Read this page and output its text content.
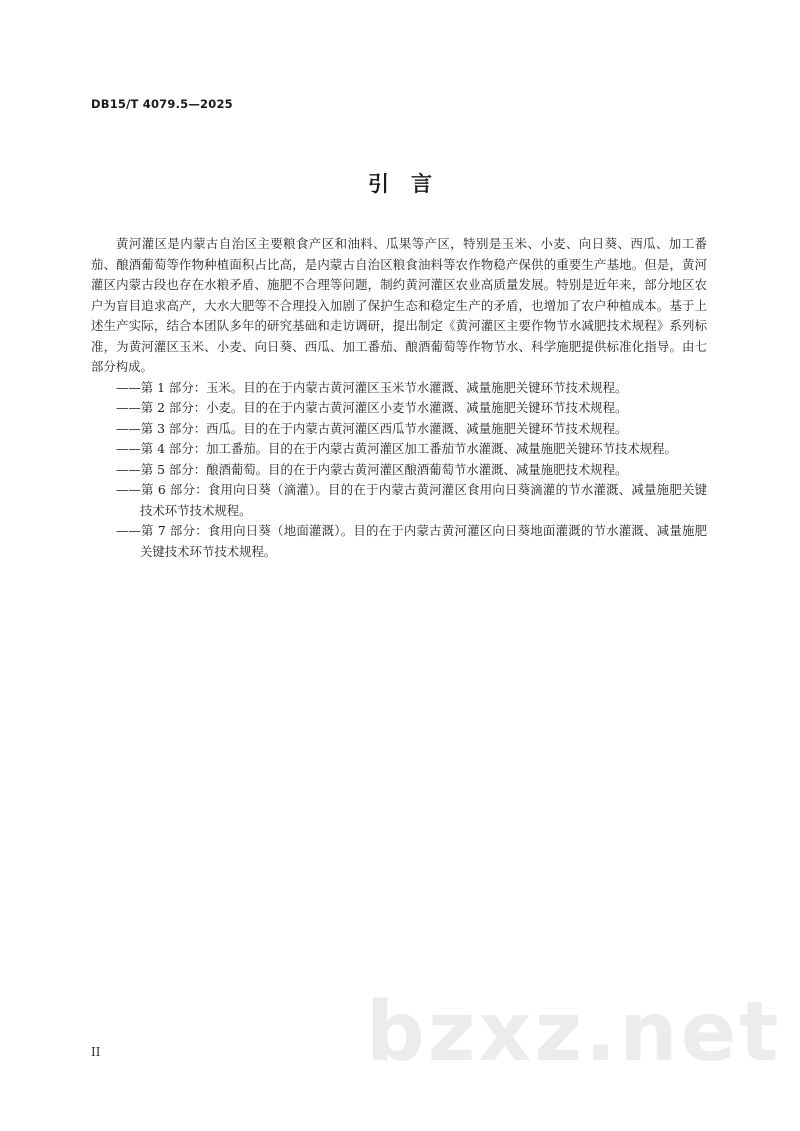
DB15/T 4079.5—2025
引言

黄河灌区是内蒙古自治区主要粮食产区和油料、瓜果等产区，特别是玉米、小麦、向日葵、西瓜、加工番茄、酿酒葡萄等作物种植面积占比高，是内蒙古自治区粮食油料等农作物稳产保供的重要生产基地。但是，黄河灌区内蒙古段也存在水粮矛盾、施肥不合理等问题，制约黄河灌区农业高质量发展。特别是近年来，部分地区农户为盲目追求高产，大水大肥等不合理投入加剧了保护生态和稳定生产的矛盾，也增加了农户种植成本。基于上述生产实际，结合本团队多年的研究基础和走访调研，提出制定《黄河灌区主要作物节水减肥技术规程》系列标准，为黄河灌区玉米、小麦、向日葵、西瓜、加工番茄、酿酒葡萄等作物节水、科学施肥提供标准化指导。由七部分构成。

——第 1 部分：玉米。目的在于内蒙古黄河灌区玉米节水灌溉、减量施肥关键环节技术规程。
——第 2 部分：小麦。目的在于内蒙古黄河灌区小麦节水灌溉、减量施肥关键环节技术规程。
——第 3 部分：西瓜。目的在于内蒙古黄河灌区西瓜节水灌溉、减量施肥关键环节技术规程。
——第 4 部分：加工番茄。目的在于内蒙古黄河灌区加工番茄节水灌溉、减量施肥关键环节技术规程。
——第 5 部分：酿酒葡萄。目的在于内蒙古黄河灌区酿酒葡萄节水灌溉、减量施肥技术规程。
——第 6 部分：食用向日葵（滴灌）。目的在于内蒙古黄河灌区食用向日葵滴灌的节水灌溉、减量施肥关键技术环节技术规程。
——第 7 部分：食用向日葵（地面灌溉）。目的在于内蒙古黄河灌区向日葵地面灌溉的节水灌溉、减量施肥关键技术环节技术规程。
II	bzxz.net
